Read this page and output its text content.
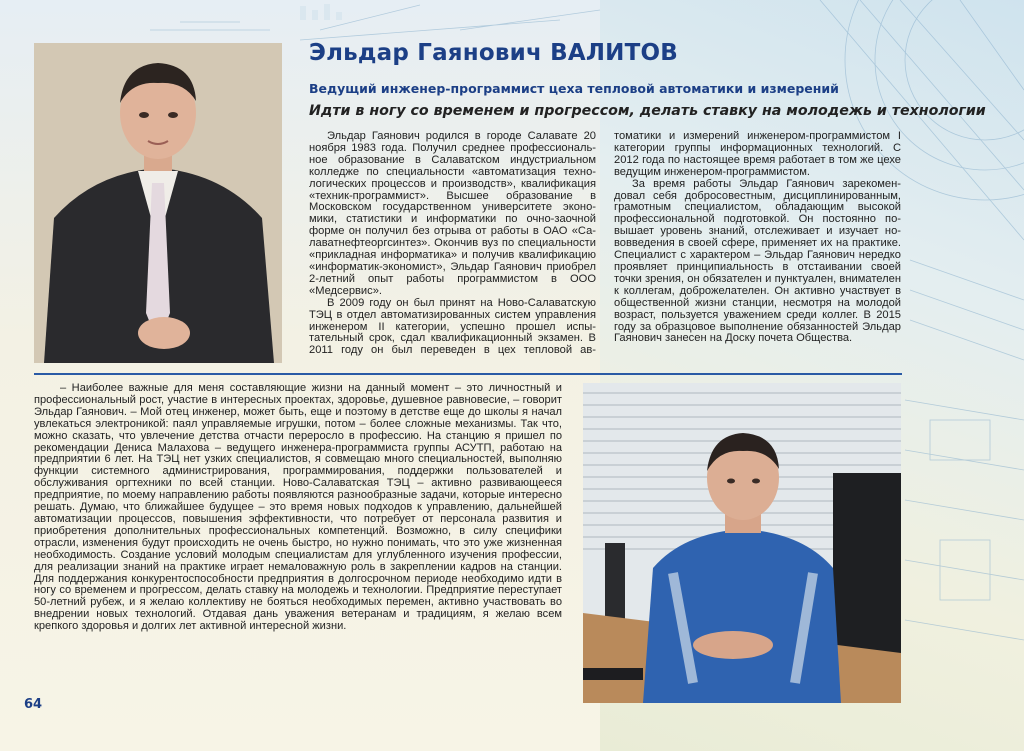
Эльдар Гаянович ВАЛИТОВ
Ведущий инженер-программист цеха тепловой автоматики и измерений
Идти в ногу со временем и прогрессом, делать ставку на молодежь и технологии

Эльдар Гаянович родился в городе Салавате 20 ноября 1983 года. Получил среднее профессиональное образование в Салаватском индустриальном колледже по специальности «автоматизация технологических процессов и производств», квалификация «техник-программист». Высшее образование в Московском государственном университете экономики, статистики и информатики по очно-заочной форме он получил без отрыва от работы в ОАО «Салаватнефтеоргсинтез». Окончив вуз по специальности «прикладная информатика» и получив квалификацию «информатик-экономист», Эльдар Гаянович приобрел 2-летний опыт работы программистом в ООО «Медсервис».

В 2009 году он был принят на Ново-Салаватскую ТЭЦ в отдел автоматизированных систем управления инженером II категории, успешно прошел испытательный срок, сдал квалификационный экзамен. В 2011 году он был переведен в цех тепловой автоматики и измерений инженером-программистом I категории группы информационных технологий. С 2012 года по настоящее время работает в том же цехе ведущим инженером-программистом.

За время работы Эльдар Гаянович зарекомендовал себя добросовестным, дисциплинированным, грамотным специалистом, обладающим высокой профессиональной подготовкой. Он постоянно повышает уровень знаний, отслеживает и изучает нововведения в своей сфере, применяет их на практике. Специалист с характером – Эльдар Гаянович нередко проявляет принципиальность в отстаивании своей точки зрения, он обязателен и пунктуален, внимателен к коллегам, доброжелателен. Он активно участвует в общественной жизни станции, несмотря на молодой возраст, пользуется уважением среди коллег. В 2015 году за образцовое выполнение обязанностей Эльдар Гаянович занесен на Доску почета Общества.

– Наиболее важные для меня составляющие жизни на данный момент – это личностный и профессиональный рост, участие в интересных проектах, здоровье, душевное равновесие, – говорит Эльдар Гаянович. – Мой отец инженер, может быть, еще и поэтому в детстве еще до школы я начал увлекаться электроникой: паял управляемые игрушки, потом – более сложные механизмы. Так что, можно сказать, что увлечение детства отчасти переросло в профессию. На станцию я пришел по рекомендации Дениса Малахова – ведущего инженера-программиста группы АСУТП, работаю на предприятии 6 лет. На ТЭЦ нет узких специалистов, я совмещаю много специальностей, выполняю функции системного администрирования, программирования, поддержки пользователей и обслуживания оргтехники по всей станции. Ново-Салаватская ТЭЦ – активно развивающееся предприятие, по моему направлению работы появляются разнообразные задачи, которые интересно решать. Думаю, что ближайшее будущее – это время новых подходов к управлению, дальнейшей автоматизации процессов, повышения эффективности, что потребует от персонала развития и приобретения дополнительных профессиональных компетенций. Возможно, в силу специфики отрасли, изменения будут происходить не очень быстро, но нужно понимать, что это уже жизненная необходимость. Создание условий молодым специалистам для углубленного изучения профессии, для реализации знаний на практике играет немаловажную роль в закреплении кадров на станции. Для поддержания конкурентоспособности предприятия в долгосрочном периоде необходимо идти в ногу со временем и прогрессом, делать ставку на молодежь и технологии. Предприятие переступает 50-летний рубеж, и я желаю коллективу не бояться необходимых перемен, активно участвовать во внедрении новых технологий. Отдавая дань уважения ветеранам и традициям, я желаю всем крепкого здоровья и долгих лет активной интересной жизни.

64
